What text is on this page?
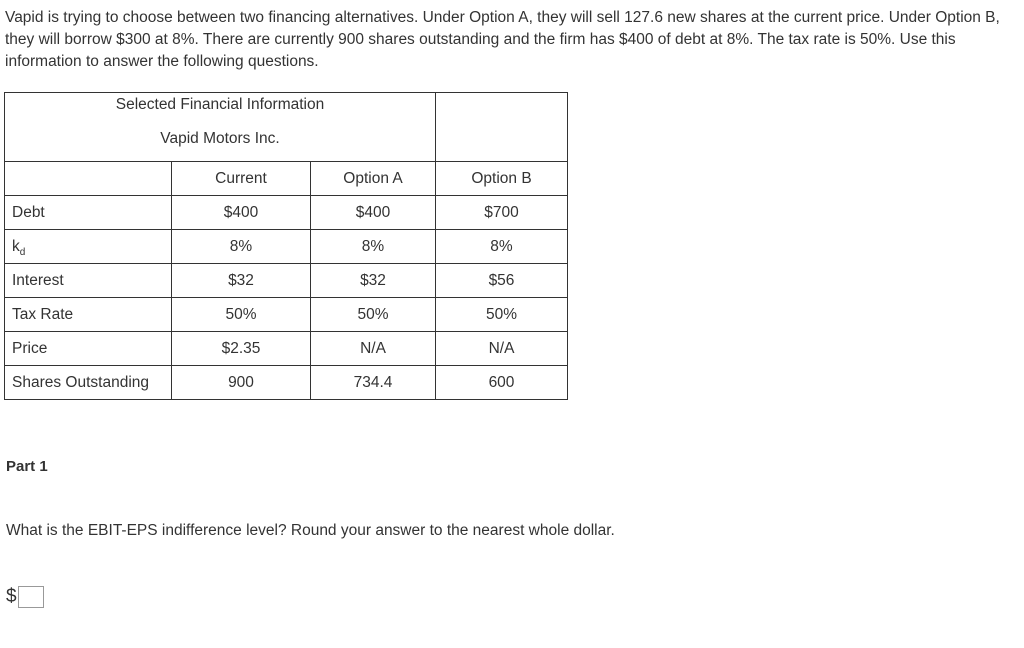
Vapid is trying to choose between two financing alternatives. Under Option A, they will sell 127.6 new shares at the current price. Under Option B, they will borrow $300 at 8%. There are currently 900 shares outstanding and the firm has $400 of debt at 8%. The tax rate is 50%. Use this information to answer the following questions.

Selected Financial Information
Vapid Motors Inc.			

	Current	Option A	Option B
Debt	$400	$400	$700
$k_d$	8%	8%	8%
Interest	$32	$32	$56
Tax Rate	50%	50%	50%
Price	$2.35	N/A	N/A
Shares Outstanding	900	734.4	600
Part 1
What is the EBIT-EPS indifference level? Round your answer to the nearest whole dollar.
$
